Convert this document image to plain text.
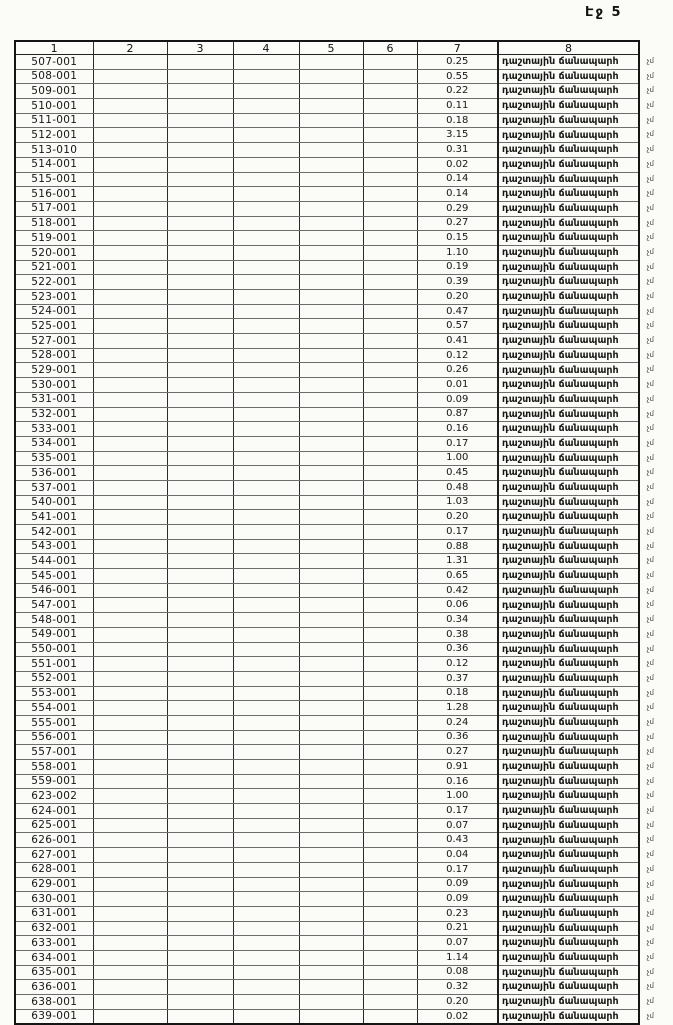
Էջ 5
1	2	3	4	5	6	7	8
507-001						0.25	դաշտային ճանապարհ չմ

508-001						0.55	դաշտային ճանապարհ չմ

509-001						0.22	դաշտային ճանապարհ չմ

510-001						0.11	դաշտային ճանապարհ չմ

511-001						0.18	դաշտային ճանապարհ չմ

512-001						3.15	դաշտային ճանապարհ չմ

513-010						0.31	դաշտային ճանապարհ չմ

514-001						0.02	դաշտային ճանապարհ չմ

515-001						0.14	դաշտային ճանապարհ չմ

516-001						0.14	դաշտային ճանապարհ չմ

517-001						0.29	դաշտային ճանապարհ չմ

518-001						0.27	դաշտային ճանապարհ չմ

519-001						0.15	դաշտային ճանապարհ չմ

520-001						1.10	դաշտային ճանապարհ չմ

521-001						0.19	դաշտային ճանապարհ չմ

522-001						0.39	դաշտային ճանապարհ չմ

523-001						0.20	դաշտային ճանապարհ չմ

524-001						0.47	դաշտային ճանապարհ չմ

525-001						0.57	դաշտային ճանապարհ չմ

527-001						0.41	դաշտային ճանապարհ չմ

528-001						0.12	դաշտային ճանապարհ չմ

529-001						0.26	դաշտային ճանապարհ չմ

530-001						0.01	դաշտային ճանապարհ չմ

531-001						0.09	դաշտային ճանապարհ չմ

532-001						0.87	դաշտային ճանապարհ չմ

533-001						0.16	դաշտային ճանապարհ չմ

534-001						0.17	դաշտային ճանապարհ չմ

535-001						1.00	դաշտային ճանապարհ չմ

536-001						0.45	դաշտային ճանապարհ չմ

537-001						0.48	դաշտային ճանապարհ չմ

540-001						1.03	դաշտային ճանապարհ չմ

541-001						0.20	դաշտային ճանապարհ չմ

542-001						0.17	դաշտային ճանապարհ չմ

543-001						0.88	դաշտային ճանապարհ չմ

544-001						1.31	դաշտային ճանապարհ չմ

545-001						0.65	դաշտային ճանապարհ չմ

546-001						0.42	դաշտային ճանապարհ չմ

547-001						0.06	դաշտային ճանապարհ չմ

548-001						0.34	դաշտային ճանապարհ չմ

549-001						0.38	դաշտային ճանապարհ չմ

550-001						0.36	դաշտային ճանապարհ չմ

551-001						0.12	դաշտային ճանապարհ չմ

552-001						0.37	դաշտային ճանապարհ չմ

553-001						0.18	դաշտային ճանապարհ չմ

554-001						1.28	դաշտային ճանապարհ չմ

555-001						0.24	դաշտային ճանապարհ չմ

556-001						0.36	դաշտային ճանապարհ չմ

557-001						0.27	դաշտային ճանապարհ չմ

558-001						0.91	դաշտային ճանապարհ չմ

559-001						0.16	դաշտային ճանապարհ չմ

623-002						1.00	դաշտային ճանապարհ չմ

624-001						0.17	դաշտային ճանապարհ չմ

625-001						0.07	դաշտային ճանապարհ չմ

626-001						0.43	դաշտային ճանապարհ չմ

627-001						0.04	դաշտային ճանապարհ չմ

628-001						0.17	դաշտային ճանապարհ չմ

629-001						0.09	դաշտային ճանապարհ չմ

630-001						0.09	դաշտային ճանապարհ չմ

631-001						0.23	դաշտային ճանապարհ չմ

632-001						0.21	դաշտային ճանապարհ չմ

633-001						0.07	դաշտային ճանապարհ չմ

634-001						1.14	դաշտային ճանապարհ չմ

635-001						0.08	դաշտային ճանապարհ չմ

636-001						0.32	դաշտային ճանապարհ չմ

638-001						0.20	դաշտային ճանապարհ չմ

639-001						0.02	դաշտային ճանապարհ չմ
